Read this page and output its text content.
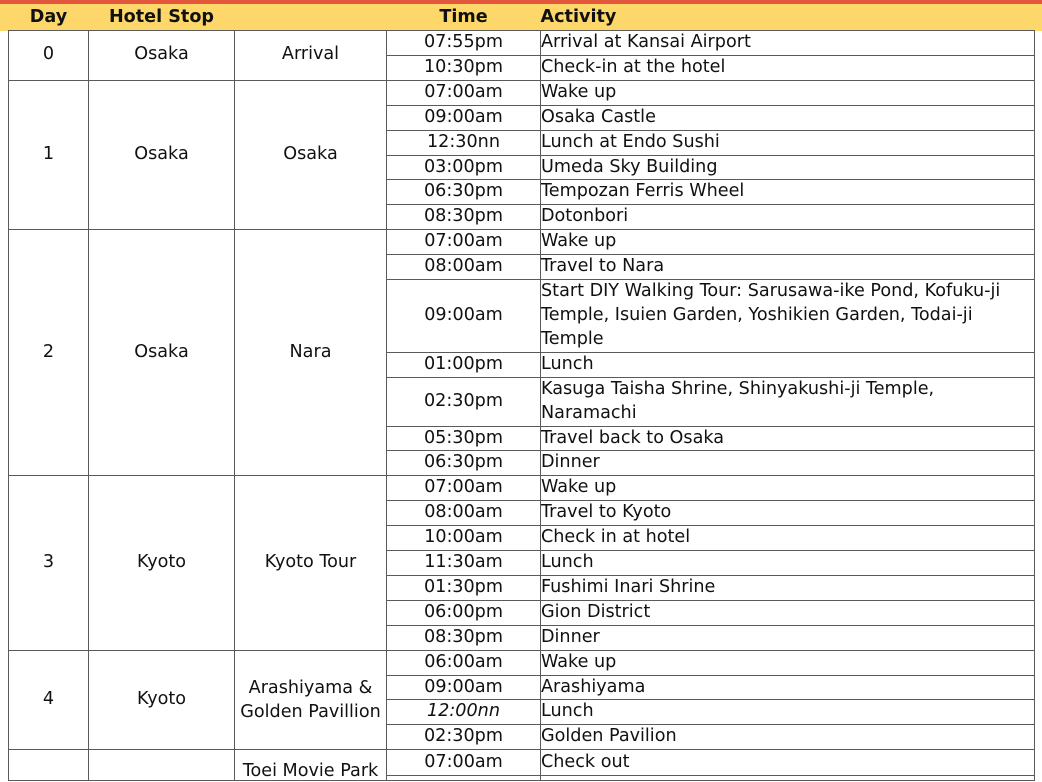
Day	Hotel Stop		Time	Activity
0	Osaka	Arrival	07:55pm	Arrival at Kansai Airport
			10:30pm	Check-in at the hotel
1	Osaka	Osaka	07:00am	Wake up
			09:00am	Osaka Castle
			12:30nn	Lunch at Endo Sushi
			03:00pm	Umeda Sky Building
			06:30pm	Tempozan Ferris Wheel
			08:30pm	Dotonbori
2	Osaka	Nara	07:00am	Wake up
			08:00am	Travel to Nara
			09:00am	Start DIY Walking Tour: Sarusawa-ike Pond, Kofuku-ji Temple, Isuien Garden, Yoshikien Garden, Todai-ji Temple
			01:00pm	Lunch
			02:30pm	Kasuga Taisha Shrine, Shinyakushi-ji Temple, Naramachi
			05:30pm	Travel back to Osaka
			06:30pm	Dinner
3	Kyoto	Kyoto Tour	07:00am	Wake up
			08:00am	Travel to Kyoto
			10:00am	Check in at hotel
			11:30am	Lunch
			01:30pm	Fushimi Inari Shrine
			06:00pm	Gion District
			08:30pm	Dinner
4	Kyoto	Arashiyama & Golden Pavillion	06:00am	Wake up
			09:00am	Arashiyama
			12:00nn	Lunch
			02:30pm	Golden Pavilion

		Toei Movie Park	07:00am	Check out
